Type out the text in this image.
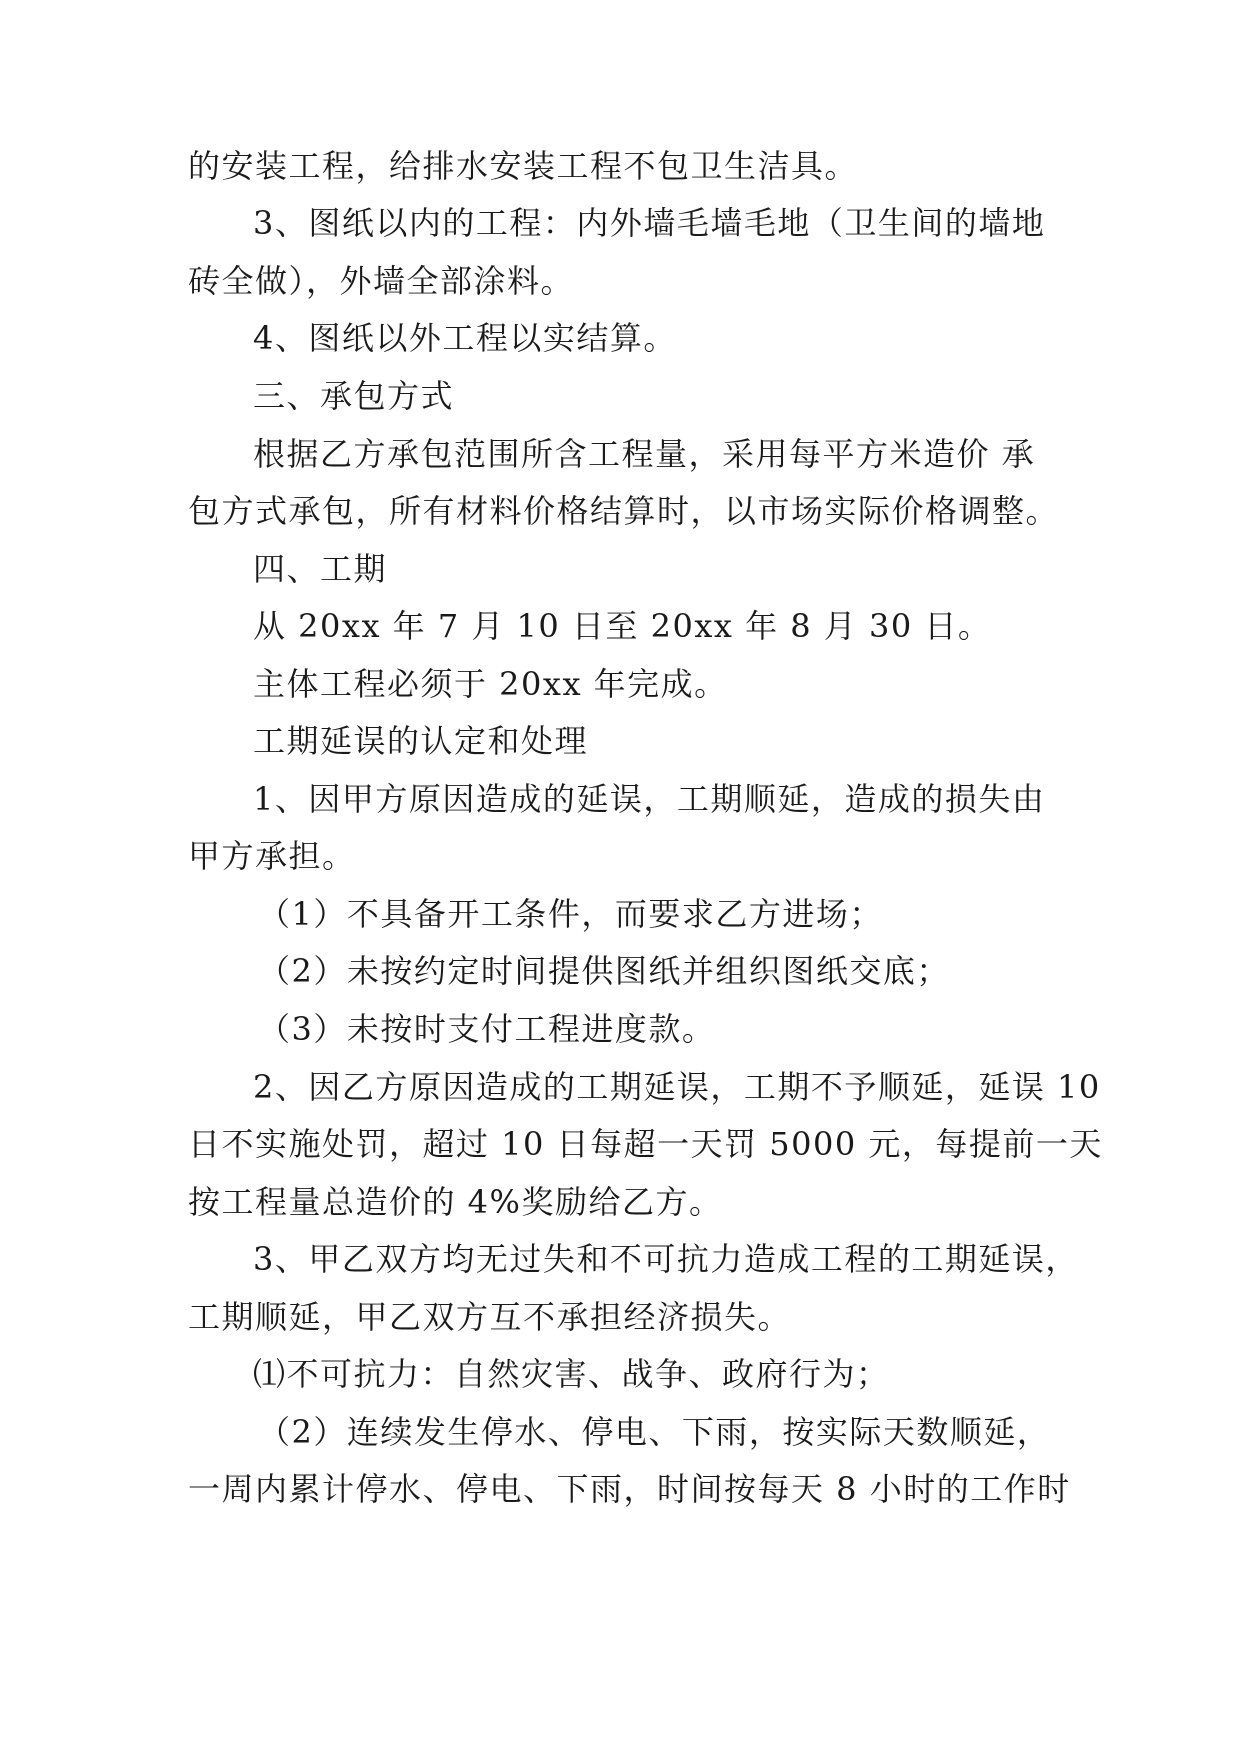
的安装工程，给排水安装工程不包卫生洁具。
3、图纸以内的工程：内外墙毛墙毛地（卫生间的墙地
砖全做），外墙全部涂料。
4、图纸以外工程以实结算。
三、承包方式
根据乙方承包范围所含工程量，采用每平方米造价 承
包方式承包，所有材料价格结算时，以市场实际价格调整。
四、工期
从 20xx 年 7 月 10 日至 20xx 年 8 月 30 日。
主体工程必须于 20xx 年完成。
工期延误的认定和处理
1、因甲方原因造成的延误，工期顺延，造成的损失由
甲方承担。
（1）不具备开工条件，而要求乙方进场；
（2）未按约定时间提供图纸并组织图纸交底；
（3）未按时支付工程进度款。
2、因乙方原因造成的工期延误，工期不予顺延，延误 10
日不实施处罚，超过 10 日每超一天罚 5000 元，每提前一天
按工程量总造价的 4%奖励给乙方。
3、甲乙双方均无过失和不可抗力造成工程的工期延误，
工期顺延，甲乙双方互不承担经济损失。
⑴不可抗力：自然灾害、战争、政府行为；
（2）连续发生停水、停电、下雨，按实际天数顺延，
一周内累计停水、停电、下雨，时间按每天 8 小时的工作时
